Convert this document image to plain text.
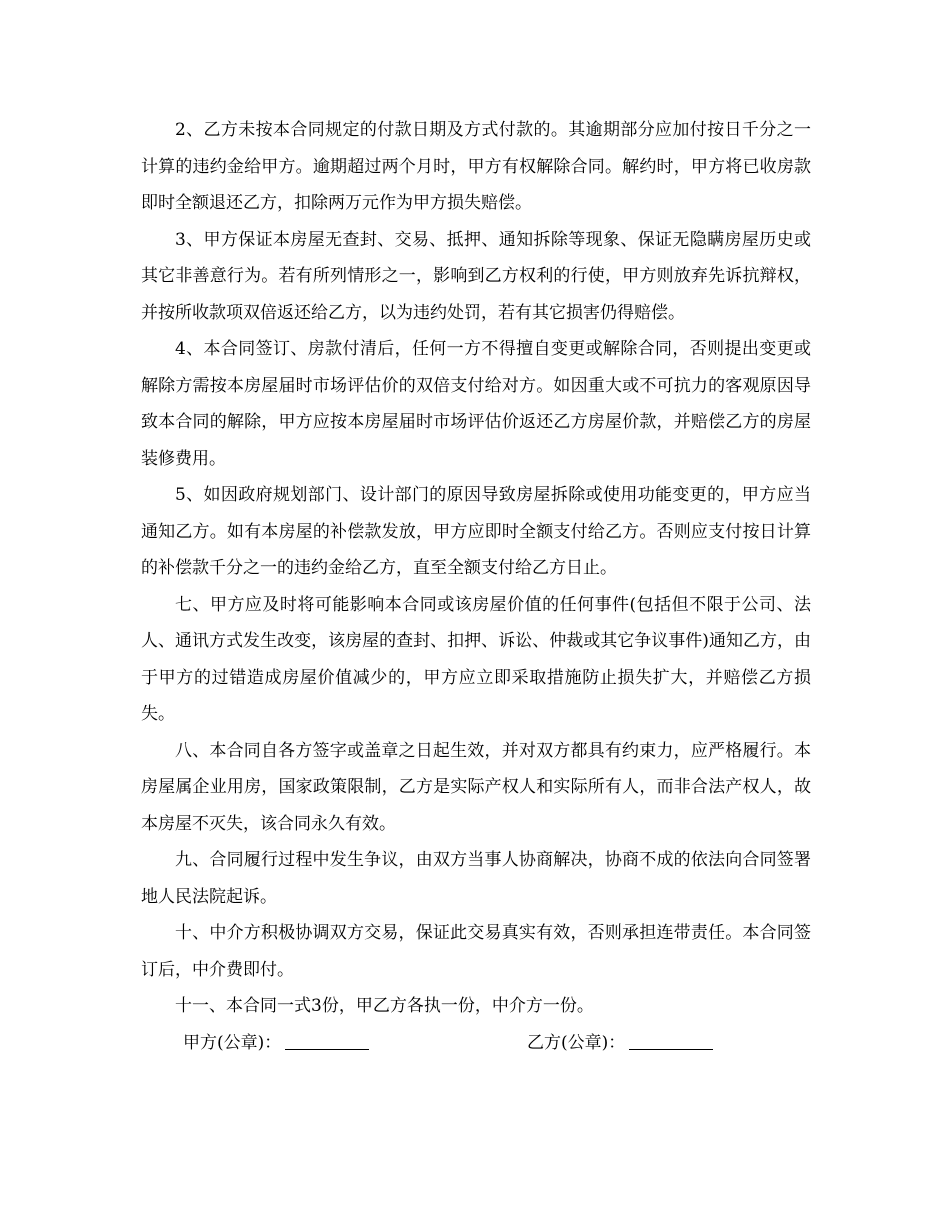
2、乙方未按本合同规定的付款日期及方式付款的。其逾期部分应加付按日千分之一计算的违约金给甲方。逾期超过两个月时，甲方有权解除合同。解约时，甲方将已收房款即时全额退还乙方，扣除两万元作为甲方损失赔偿。

3、甲方保证本房屋无查封、交易、抵押、通知拆除等现象、保证无隐瞒房屋历史或其它非善意行为。若有所列情形之一，影响到乙方权利的行使，甲方则放弃先诉抗辩权，并按所收款项双倍返还给乙方，以为违约处罚，若有其它损害仍得赔偿。

4、本合同签订、房款付清后，任何一方不得擅自变更或解除合同，否则提出变更或解除方需按本房屋届时市场评估价的双倍支付给对方。如因重大或不可抗力的客观原因导致本合同的解除，甲方应按本房屋届时市场评估价返还乙方房屋价款，并赔偿乙方的房屋装修费用。

5、如因政府规划部门、设计部门的原因导致房屋拆除或使用功能变更的，甲方应当通知乙方。如有本房屋的补偿款发放，甲方应即时全额支付给乙方。否则应支付按日计算的补偿款千分之一的违约金给乙方，直至全额支付给乙方日止。

七、甲方应及时将可能影响本合同或该房屋价值的任何事件(包括但不限于公司、法人、通讯方式发生改变，该房屋的查封、扣押、诉讼、仲裁或其它争议事件)通知乙方，由于甲方的过错造成房屋价值减少的，甲方应立即采取措施防止损失扩大，并赔偿乙方损失。

八、本合同自各方签字或盖章之日起生效，并对双方都具有约束力，应严格履行。本房屋属企业用房，国家政策限制，乙方是实际产权人和实际所有人，而非合法产权人，故本房屋不灭失，该合同永久有效。

九、合同履行过程中发生争议，由双方当事人协商解决，协商不成的依法向合同签署地人民法院起诉。

十、中介方积极协调双方交易，保证此交易真实有效，否则承担连带责任。本合同签订后，中介费即付。

十一、本合同一式3份，甲乙方各执一份，中介方一份。

甲方(公章)：	乙方(公章)：
